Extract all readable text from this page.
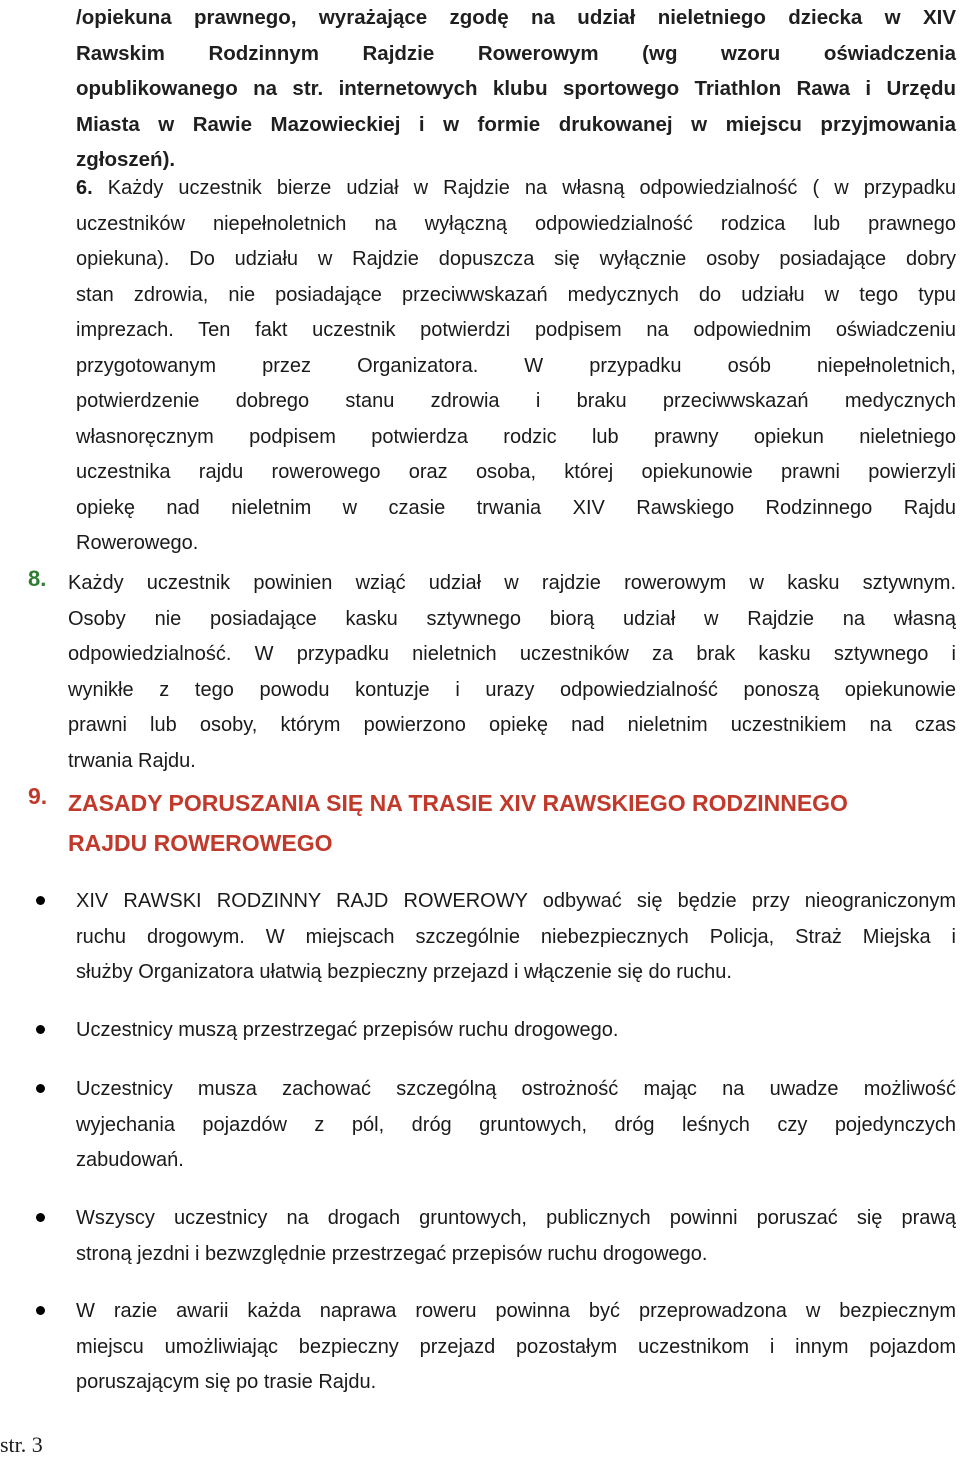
/opiekuna prawnego, wyrażające zgodę na udział nieletniego dziecka w XIV
Rawskim Rodzinnym Rajdzie Rowerowym (wg wzoru oświadczenia
opublikowanego na str. internetowych klubu sportowego Triathlon Rawa i Urzędu
Miasta w Rawie Mazowieckiej i w formie drukowanej w miejscu przyjmowania
zgłoszeń).
6. Każdy uczestnik bierze udział w Rajdzie na własną odpowiedzialność ( w przypadku
uczestników niepełnoletnich na wyłączną odpowiedzialność rodzica lub prawnego
opiekuna). Do udziału w Rajdzie dopuszcza się wyłącznie osoby posiadające dobry
stan zdrowia, nie posiadające przeciwwskazań medycznych do udziału w tego typu
imprezach. Ten fakt uczestnik potwierdzi podpisem na odpowiednim oświadczeniu
przygotowanym przez Organizatora. W przypadku osób niepełnoletnich,
potwierdzenie dobrego stanu zdrowia i braku przeciwwskazań medycznych
własnoręcznym podpisem potwierdza rodzic lub prawny opiekun nieletniego
uczestnika rajdu rowerowego oraz osoba, której opiekunowie prawni powierzyli
opiekę nad nieletnim w czasie trwania XIV Rawskiego Rodzinnego Rajdu
Rowerowego.
8. Każdy uczestnik powinien wziąć udział w rajdzie rowerowym w kasku sztywnym.
Osoby nie posiadające kasku sztywnego biorą udział w Rajdzie na własną
odpowiedzialność. W przypadku nieletnich uczestników za brak kasku sztywnego i
wynikłe z tego powodu kontuzje i urazy odpowiedzialność ponoszą opiekunowie
prawni lub osoby, którym powierzono opiekę nad nieletnim uczestnikiem na czas
trwania Rajdu.
9. ZASADY PORUSZANIA SIĘ NA TRASIE XIV RAWSKIEGO RODZINNEGO
RAJDU ROWEROWEGO
XIV RAWSKI RODZINNY RAJD ROWEROWY odbywać się będzie przy nieograniczonym
ruchu drogowym. W miejscach szczególnie niebezpiecznych Policja, Straż Miejska i
służby Organizatora ułatwią bezpieczny przejazd i włączenie się do ruchu.
Uczestnicy muszą przestrzegać przepisów ruchu drogowego.
Uczestnicy musza zachować szczególną ostrożność mając na uwadze możliwość
wyjechania pojazdów z pól, dróg gruntowych, dróg leśnych czy pojedynczych
zabudowań.
Wszyscy uczestnicy na drogach gruntowych, publicznych powinni poruszać się prawą
stroną jezdni i bezwzględnie przestrzegać przepisów ruchu drogowego.
W razie awarii każda naprawa roweru powinna być przeprowadzona w bezpiecznym
miejscu umożliwiając bezpieczny przejazd pozostałym uczestnikom i innym pojazdom
poruszającym się po trasie Rajdu.
str. 3
